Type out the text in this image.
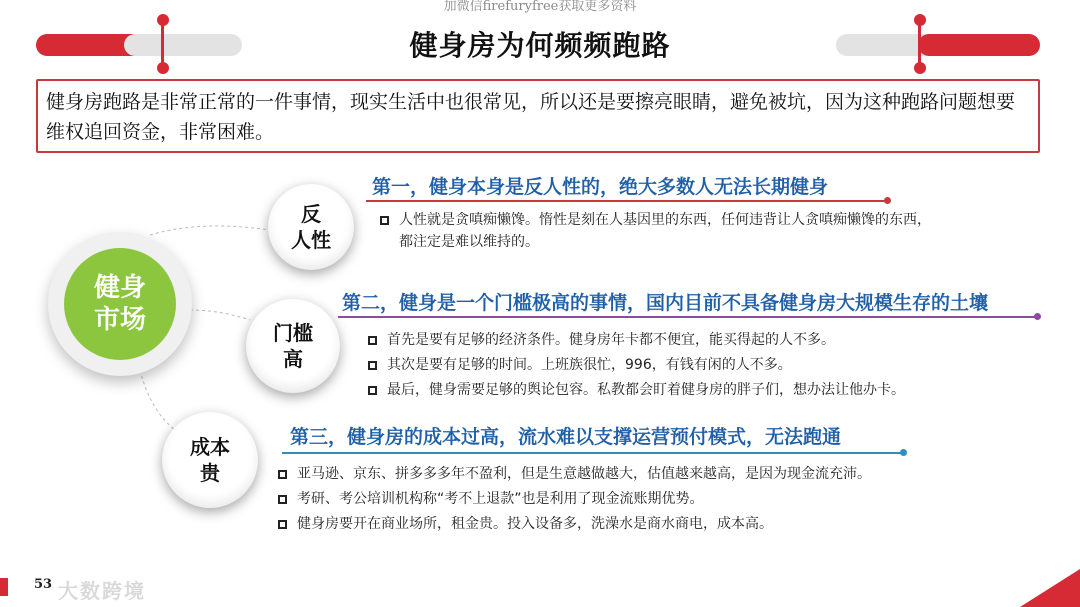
加微信firefuryfree获取更多资料
健身房为何频频跑路
健身房跑路是非常正常的一件事情，现实生活中也很常见，所以还是要擦亮眼睛，避免被坑，因为这种跑路问题想要维权追回资金，非常困难。
健身
市场
反
人性
门槛
高
成本
贵
第一，健身本身是反人性的，绝大多数人无法长期健身
人性就是贪嗔痴懒馋。惰性是刻在人基因里的东西，任何违背让人贪嗔痴懒馋的东西，
都注定是难以维持的。
第二，健身是一个门槛极高的事情，国内目前不具备健身房大规模生存的土壤
首先是要有足够的经济条件。健身房年卡都不便宜，能买得起的人不多。
其次是要有足够的时间。上班族很忙，996，有钱有闲的人不多。
最后，健身需要足够的舆论包容。私教都会盯着健身房的胖子们，想办法让他办卡。
第三，健身房的成本过高，流水难以支撑运营预付模式，无法跑通
亚马逊、京东、拼多多多年不盈利，但是生意越做越大，估值越来越高，是因为现金流充沛。
考研、考公培训机构称“考不上退款”也是利用了现金流账期优势。
健身房要开在商业场所，租金贵。投入设备多，洗澡水是商水商电，成本高。
大数跨境
53
